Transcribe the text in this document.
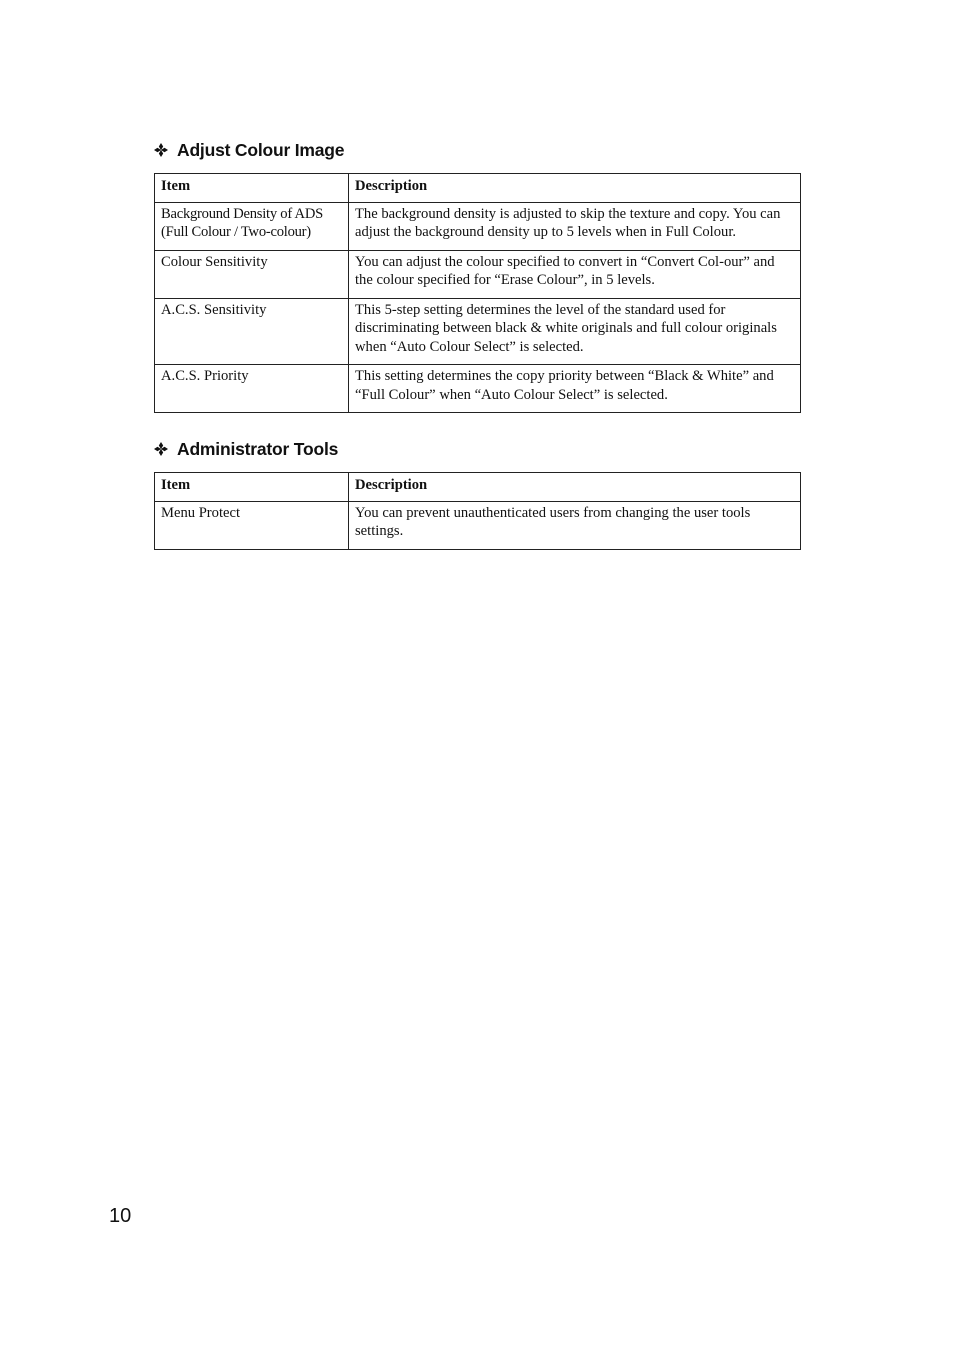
Adjust Colour Image
Item	Description
Background Density of ADS (Full Colour / Two-colour)	The background density is adjusted to skip the texture and copy. You can adjust the background density up to 5 levels when in Full Colour.
Colour Sensitivity	You can adjust the colour specified to convert in “Convert Col-our” and the colour specified for “Erase Colour”, in 5 levels.
A.C.S. Sensitivity	This 5-step setting determines the level of the standard used for discriminating between black & white originals and full colour originals when “Auto Colour Select” is selected.
A.C.S. Priority	This setting determines the copy priority between “Black & White” and “Full Colour” when “Auto Colour Select” is selected.
Administrator Tools
Item	Description
Menu Protect	You can prevent unauthenticated users from changing the user tools settings.
10
